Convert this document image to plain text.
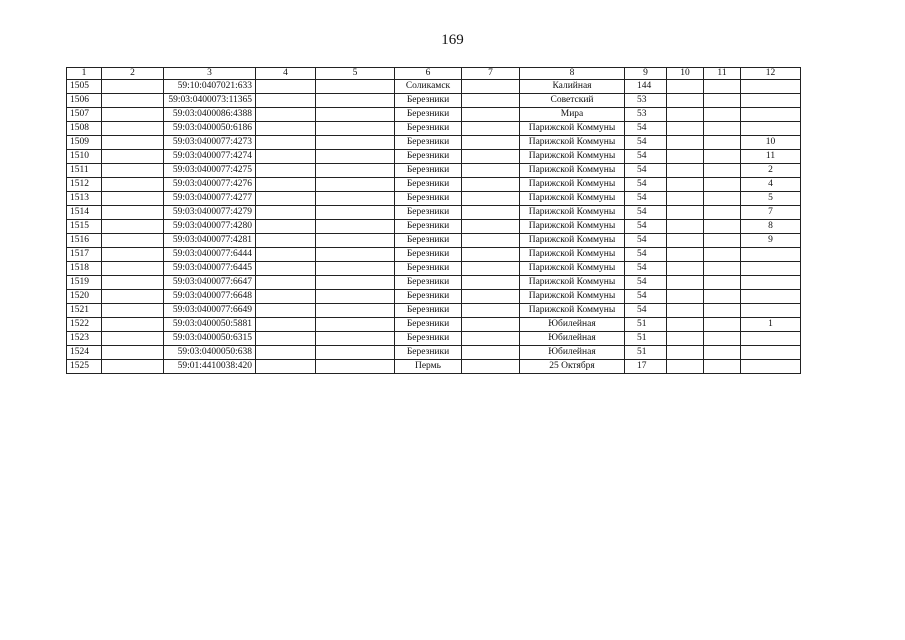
169
1	2	3	4	5	6	7	8	9	10	11	12
1505		59:10:0407021:633			Соликамск		Калийная	144			
1506		59:03:0400073:11365			Березники		Советский	53			
1507		59:03:0400086:4388			Березники		Мира	53			
1508		59:03:0400050:6186			Березники		Парижской Коммуны	54			
1509		59:03:0400077:4273			Березники		Парижской Коммуны	54			10
1510		59:03:0400077:4274			Березники		Парижской Коммуны	54			11
1511		59:03:0400077:4275			Березники		Парижской Коммуны	54			2
1512		59:03:0400077:4276			Березники		Парижской Коммуны	54			4
1513		59:03:0400077:4277			Березники		Парижской Коммуны	54			5
1514		59:03:0400077:4279			Березники		Парижской Коммуны	54			7
1515		59:03:0400077:4280			Березники		Парижской Коммуны	54			8
1516		59:03:0400077:4281			Березники		Парижской Коммуны	54			9
1517		59:03:0400077:6444			Березники		Парижской Коммуны	54			
1518		59:03:0400077:6445			Березники		Парижской Коммуны	54			
1519		59:03:0400077:6647			Березники		Парижской Коммуны	54			
1520		59:03:0400077:6648			Березники		Парижской Коммуны	54			
1521		59:03:0400077:6649			Березники		Парижской Коммуны	54			
1522		59:03:0400050:5881			Березники		Юбилейная	51			1
1523		59:03:0400050:6315			Березники		Юбилейная	51			
1524		59:03:0400050:638			Березники		Юбилейная	51			
1525		59:01:4410038:420			Пермь		25 Октября	17			
